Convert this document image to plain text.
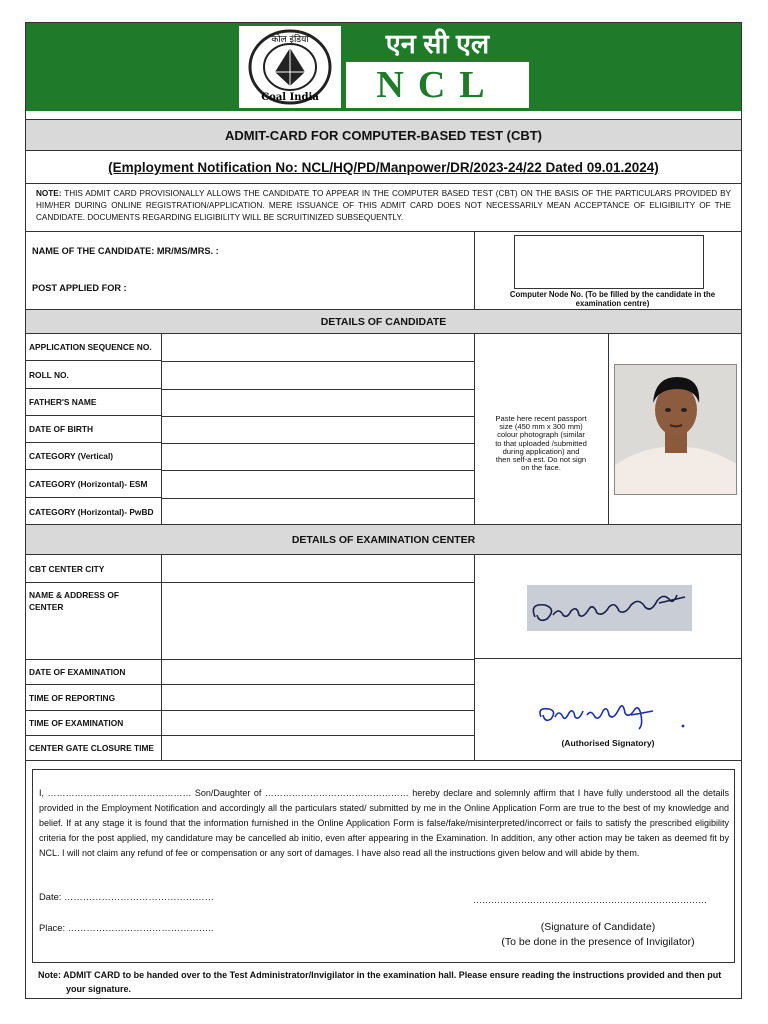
कोल इंडिया
Coal India
एन सी एल
NCL
ADMIT-CARD FOR COMPUTER-BASED TEST (CBT)
(Employment Notification No: NCL/HQ/PD/Manpower/DR/2023-24/22 Dated 09.01.2024)
NOTE: THIS ADMIT CARD PROVISIONALLY ALLOWS THE CANDIDATE TO APPEAR IN THE COMPUTER BASED TEST (CBT) ON THE BASIS OF THE PARTICULARS PROVIDED BY HIM/HER DURING ONLINE REGISTRATION/APPLICATION. MERE ISSUANCE OF THIS ADMIT CARD DOES NOT NECESSARILY MEAN ACCEPTANCE OF ELIGIBILITY OF THE CANDIDATE. DOCUMENTS REGARDING ELIGIBILITY WILL BE SCRUITINIZED SUBSEQUENTLY.
NAME OF THE CANDIDATE: MR/MS/MRS. :
POST APPLIED FOR :
Computer Node No. (To be filled by the candidate in the examination centre)
DETAILS OF CANDIDATE
APPLICATION SEQUENCE NO.
ROLL NO.
FATHER'S NAME
DATE OF BIRTH
CATEGORY (Vertical)
CATEGORY (Horizontal)- ESM
CATEGORY (Horizontal)- PwBD
Paste here recent passport size (450 mm x 300 mm) colour photograph (similar to that uploaded /submitted during application) and then self-a est. Do not sign on the face.
DETAILS OF EXAMINATION CENTER
CBT CENTER CITY
NAME & ADDRESS OF CENTER
DATE OF EXAMINATION
TIME OF REPORTING
TIME OF EXAMINATION
CENTER GATE CLOSURE TIME	(Authorised Signatory)
I, ………………………………………… Son/Daughter of ………………………………………… hereby declare and solemnly affirm that I have fully understood all the details provided in the Employment Notification and accordingly all the particulars stated/ submitted by me in the Online Application Form are true to the best of my knowledge and belief. If at any stage it is found that the information furnished in the Online Application Form is false/fake/misinterpreted/incorrect or fails to satisfy the prescribed eligibility criteria for the post applied, my candidature may be cancelled ab initio, even after appearing in the Examination. In addition, any other action may be taken as deemed fit by NCL. I will not claim any refund of fee or compensation or any sort of damages. I have also read all the instructions given below and will abide by them.
Date: …………………………………………
Place: ………………………………………..
……………………………………………………………………
(Signature of Candidate)
(To be done in the presence of Invigilator)
Note: ADMIT CARD to be handed over to the Test Administrator/Invigilator in the examination hall. Please ensure reading the instructions provided and then put your signature.
